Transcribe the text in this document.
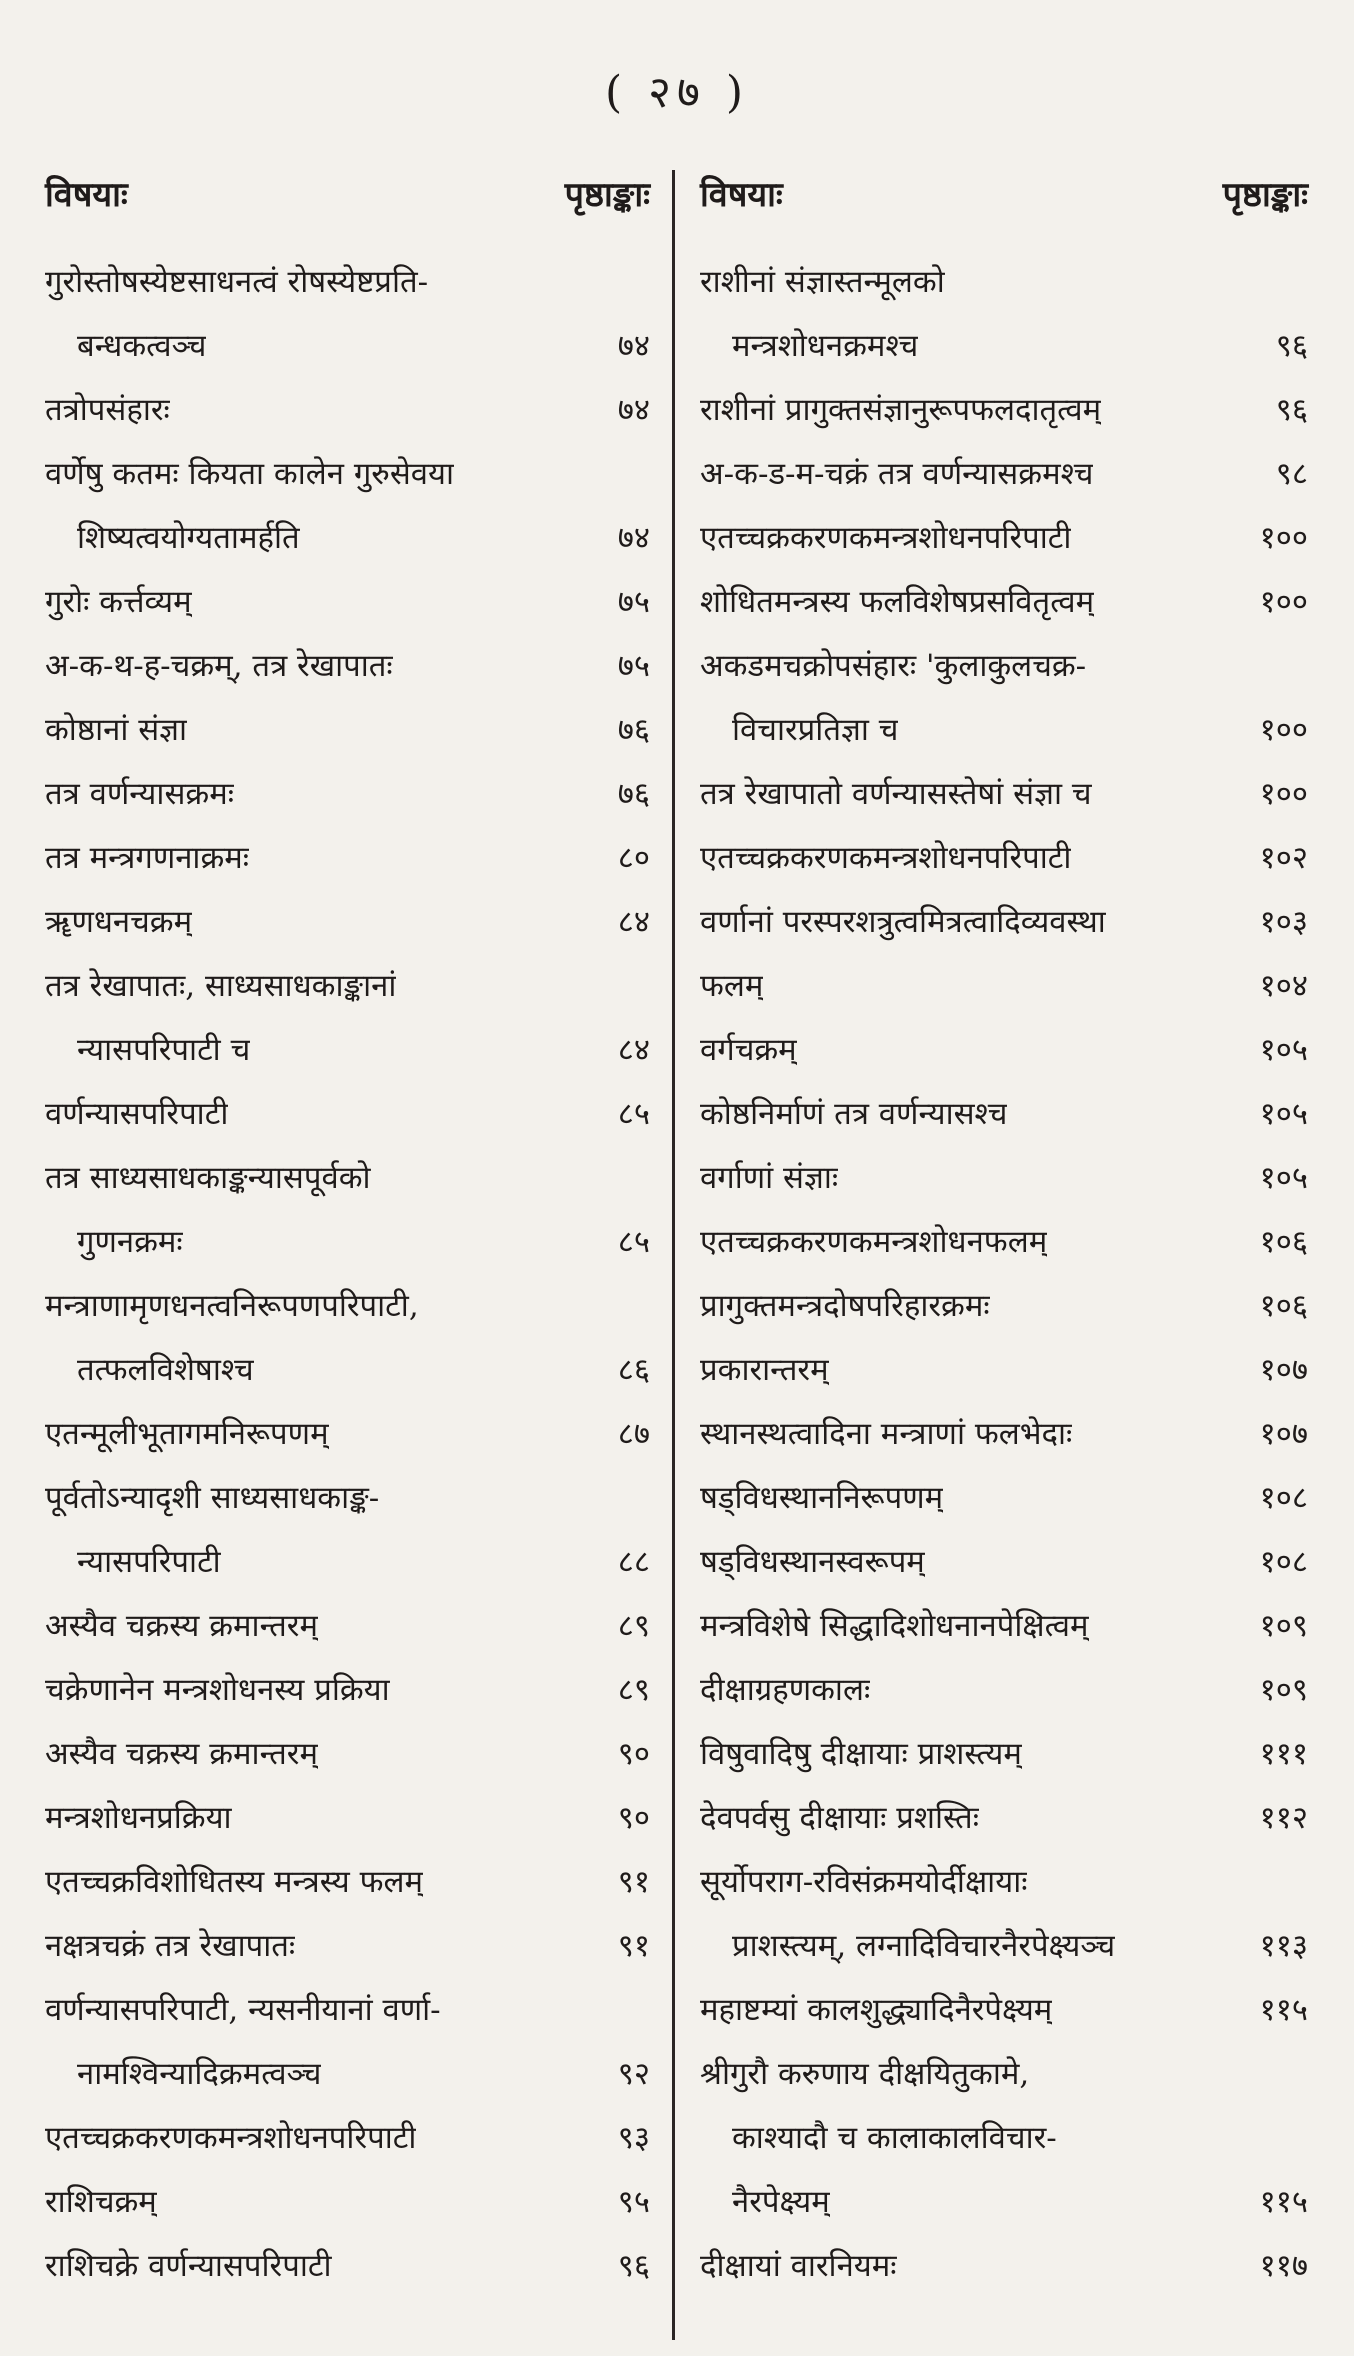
( २७ )
विषयाः	पृष्ठाङ्काः
गुरोस्तोषस्येष्टसाधनत्वं रोषस्येष्टप्रति-
बन्धकत्वञ्च	७४
तत्रोपसंहारः	७४
वर्णेषु कतमः कियता कालेन गुरुसेवया
शिष्यत्वयोग्यतामर्हति	७४
गुरोः कर्त्तव्यम्	७५
अ-क-थ-ह-चक्रम्, तत्र रेखापातः	७५
कोष्ठानां संज्ञा	७६
तत्र वर्णन्यासक्रमः	७६
तत्र मन्त्रगणनाक्रमः	८०
ॠणधनचक्रम्	८४
तत्र रेखापातः, साध्यसाधकाङ्कानां
न्यासपरिपाटी च	८४
वर्णन्यासपरिपाटी	८५
तत्र साध्यसाधकाङ्कन्यासपूर्वको
गुणनक्रमः	८५
मन्त्राणामृणधनत्वनिरूपणपरिपाटी,
तत्फलविशेषाश्च	८६
एतन्मूलीभूतागमनिरूपणम्	८७
पूर्वतोऽन्यादृशी साध्यसाधकाङ्क-
न्यासपरिपाटी	८८
अस्यैव चक्रस्य क्रमान्तरम्	८९
चक्रेणानेन मन्त्रशोधनस्य प्रक्रिया	८९
अस्यैव चक्रस्य क्रमान्तरम्	९०
मन्त्रशोधनप्रक्रिया	९०
एतच्चक्रविशोधितस्य मन्त्रस्य फलम्	९१
नक्षत्रचक्रं तत्र रेखापातः	९१
वर्णन्यासपरिपाटी, न्यसनीयानां वर्णा-
नामश्विन्यादिक्रमत्वञ्च	९२
एतच्चक्रकरणकमन्त्रशोधनपरिपाटी	९३
राशिचक्रम्	९५
राशिचक्रे वर्णन्यासपरिपाटी	९६
विषयाः	पृष्ठाङ्काः
राशीनां संज्ञास्तन्मूलको
मन्त्रशोधनक्रमश्च	९६
राशीनां प्रागुक्तसंज्ञानुरूपफलदातृत्वम्	९६
अ-क-ड-म-चक्रं तत्र वर्णन्यासक्रमश्च	९८
एतच्चक्रकरणकमन्त्रशोधनपरिपाटी	१००
शोधितमन्त्रस्य फलविशेषप्रसवितृत्वम्	१००
अकडमचक्रोपसंहारः 'कुलाकुलचक्र-
विचारप्रतिज्ञा च	१००
तत्र रेखापातो वर्णन्यासस्तेषां संज्ञा च	१००
एतच्चक्रकरणकमन्त्रशोधनपरिपाटी	१०२
वर्णानां परस्परशत्रुत्वमित्रत्वादिव्यवस्था	१०३
फलम्	१०४
वर्गचक्रम्	१०५
कोष्ठनिर्माणं तत्र वर्णन्यासश्च	१०५
वर्गाणां संज्ञाः	१०५
एतच्चक्रकरणकमन्त्रशोधनफलम्	१०६
प्रागुक्तमन्त्रदोषपरिहारक्रमः	१०६
प्रकारान्तरम्	१०७
स्थानस्थत्वादिना मन्त्राणां फलभेदाः	१०७
षड्विधस्थाननिरूपणम्	१०८
षड्विधस्थानस्वरूपम्	१०८
मन्त्रविशेषे सिद्धादिशोधनानपेक्षित्वम्	१०९
दीक्षाग्रहणकालः	१०९
विषुवादिषु दीक्षायाः प्राशस्त्यम्	१११
देवपर्वसु दीक्षायाः प्रशस्तिः	११२
सूर्योपराग-रविसंक्रमयोर्दीक्षायाः
प्राशस्त्यम्, लग्नादिविचारनैरपेक्ष्यञ्च	११३
महाष्टम्यां कालशुद्ध्यादिनैरपेक्ष्यम्	११५
श्रीगुरौ करुणाय दीक्षयितुकामे,
काश्यादौ च कालाकालविचार-
नैरपेक्ष्यम्	११५
दीक्षायां वारनियमः	११७
